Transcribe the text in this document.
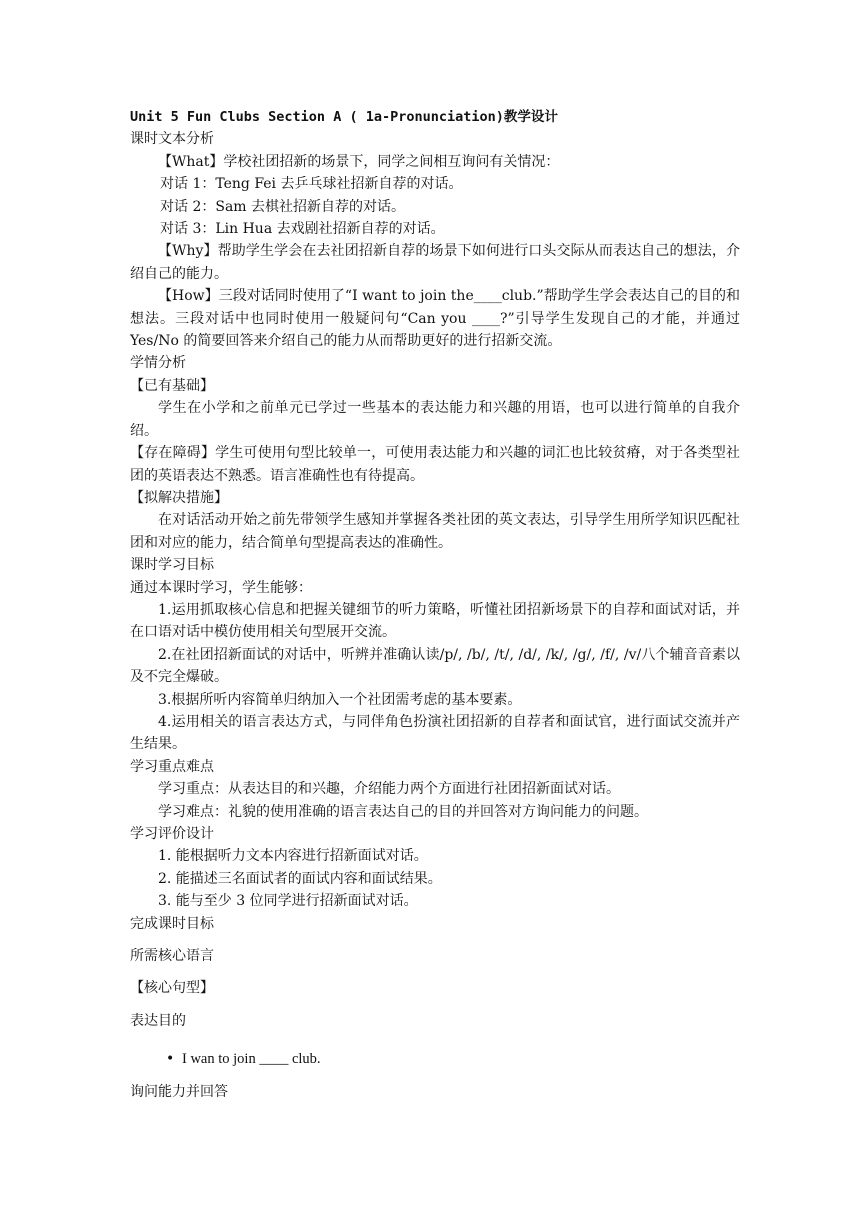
Unit 5 Fun Clubs Section A ( 1a-Pronunciation)教学设计
课时文本分析
【What】学校社团招新的场景下，同学之间相互询问有关情况：
对话 1：Teng Fei 去乒乓球社招新自荐的对话。
对话 2：Sam 去棋社招新自荐的对话。
对话 3：Lin Hua 去戏剧社招新自荐的对话。
【Why】帮助学生学会在去社团招新自荐的场景下如何进行口头交际从而表达自己的想法，介绍自己的能力。
【How】三段对话同时使用了“I want to join the____club.”帮助学生学会表达自己的目的和想法。三段对话中也同时使用一般疑问句“Can you ____?”引导学生发现自己的才能，并通过 Yes/No 的简要回答来介绍自己的能力从而帮助更好的进行招新交流。
学情分析
【已有基础】
学生在小学和之前单元已学过一些基本的表达能力和兴趣的用语，也可以进行简单的自我介绍。
【存在障碍】学生可使用句型比较单一，可使用表达能力和兴趣的词汇也比较贫瘠，对于各类型社团的英语表达不熟悉。语言准确性也有待提高。
【拟解决措施】
在对话活动开始之前先带领学生感知并掌握各类社团的英文表达，引导学生用所学知识匹配社团和对应的能力，结合简单句型提高表达的准确性。
课时学习目标
通过本课时学习，学生能够：
1.运用抓取核心信息和把握关键细节的听力策略，听懂社团招新场景下的自荐和面试对话，并在口语对话中模仿使用相关句型展开交流。
2.在社团招新面试的对话中，听辨并准确认读/p/, /b/, /t/, /d/, /k/, /g/, /f/, /v/八个辅音音素以及不完全爆破。
3.根据所听内容简单归纳加入一个社团需考虑的基本要素。
4.运用相关的语言表达方式，与同伴角色扮演社团招新的自荐者和面试官，进行面试交流并产生结果。
学习重点难点
学习重点：从表达目的和兴趣，介绍能力两个方面进行社团招新面试对话。
学习难点：礼貌的使用准确的语言表达自己的目的并回答对方询问能力的问题。
学习评价设计
1. 能根据听力文本内容进行招新面试对话。
2. 能描述三名面试者的面试内容和面试结果。
3. 能与至少 3 位同学进行招新面试对话。
完成课时目标
所需核心语言
【核心句型】
表达目的
• I wan to join ____ club.
询问能力并回答
